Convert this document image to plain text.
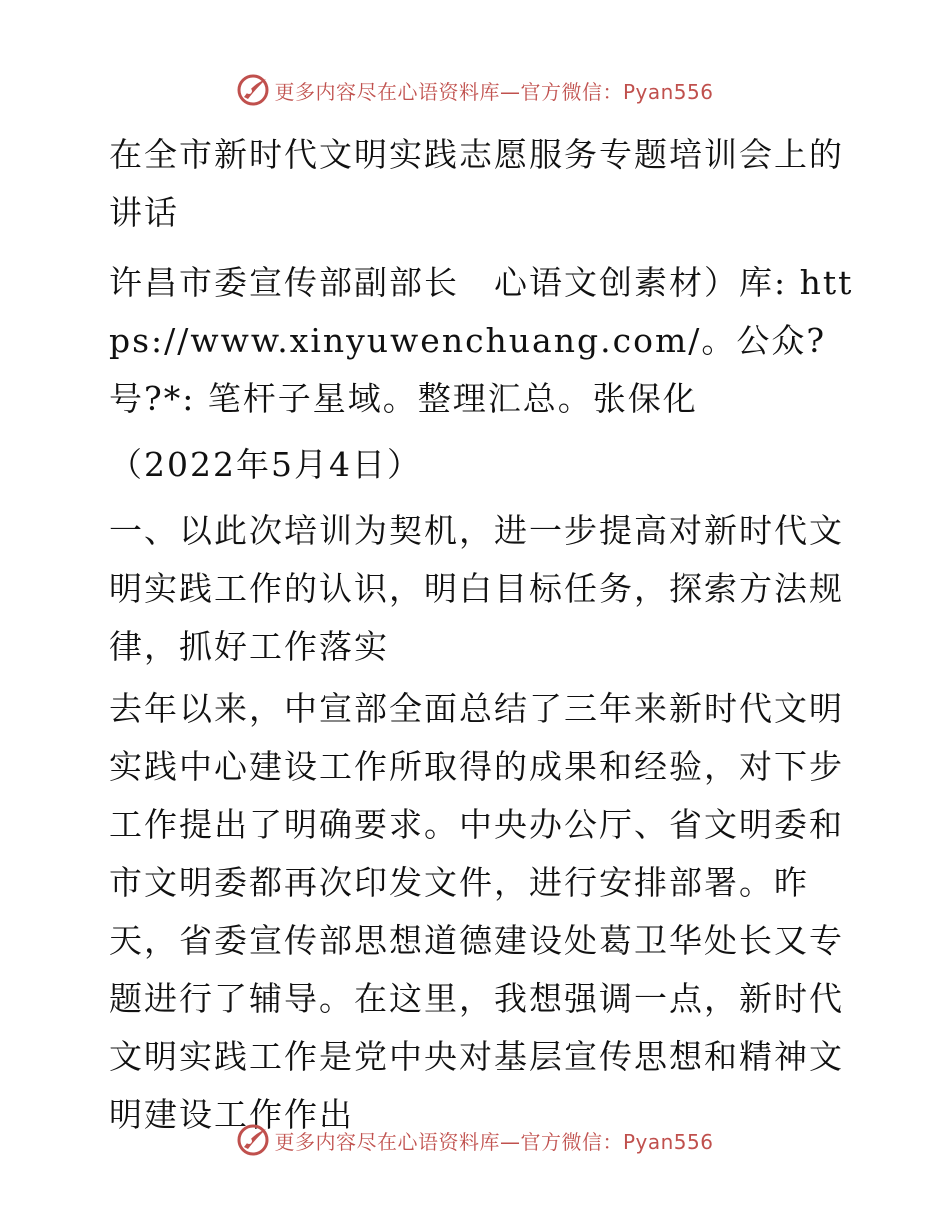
更多内容尽在心语资料库—官方微信：Pyan556

在全市新时代文明实践志愿服务专题培训会上的讲话

许昌市委宣传部副部长　心语文创素材）库: https://www.xinyuwenchuang.com/。公众?号?*: 笔杆子星域。整理汇总。张保化

（2022年5月4日）

一、以此次培训为契机，进一步提高对新时代文明实践工作的认识，明白目标任务，探索方法规律，抓好工作落实

去年以来，中宣部全面总结了三年来新时代文明实践中心建设工作所取得的成果和经验，对下步工作提出了明确要求。中央办公厅、省文明委和市文明委都再次印发文件，进行安排部署。昨天，省委宣传部思想道德建设处葛卫华处长又专题进行了辅导。在这里，我想强调一点，新时代文明实践工作是党中央对基层宣传思想和精神文明建设工作作出

更多内容尽在心语资料库—官方微信：Pyan556
